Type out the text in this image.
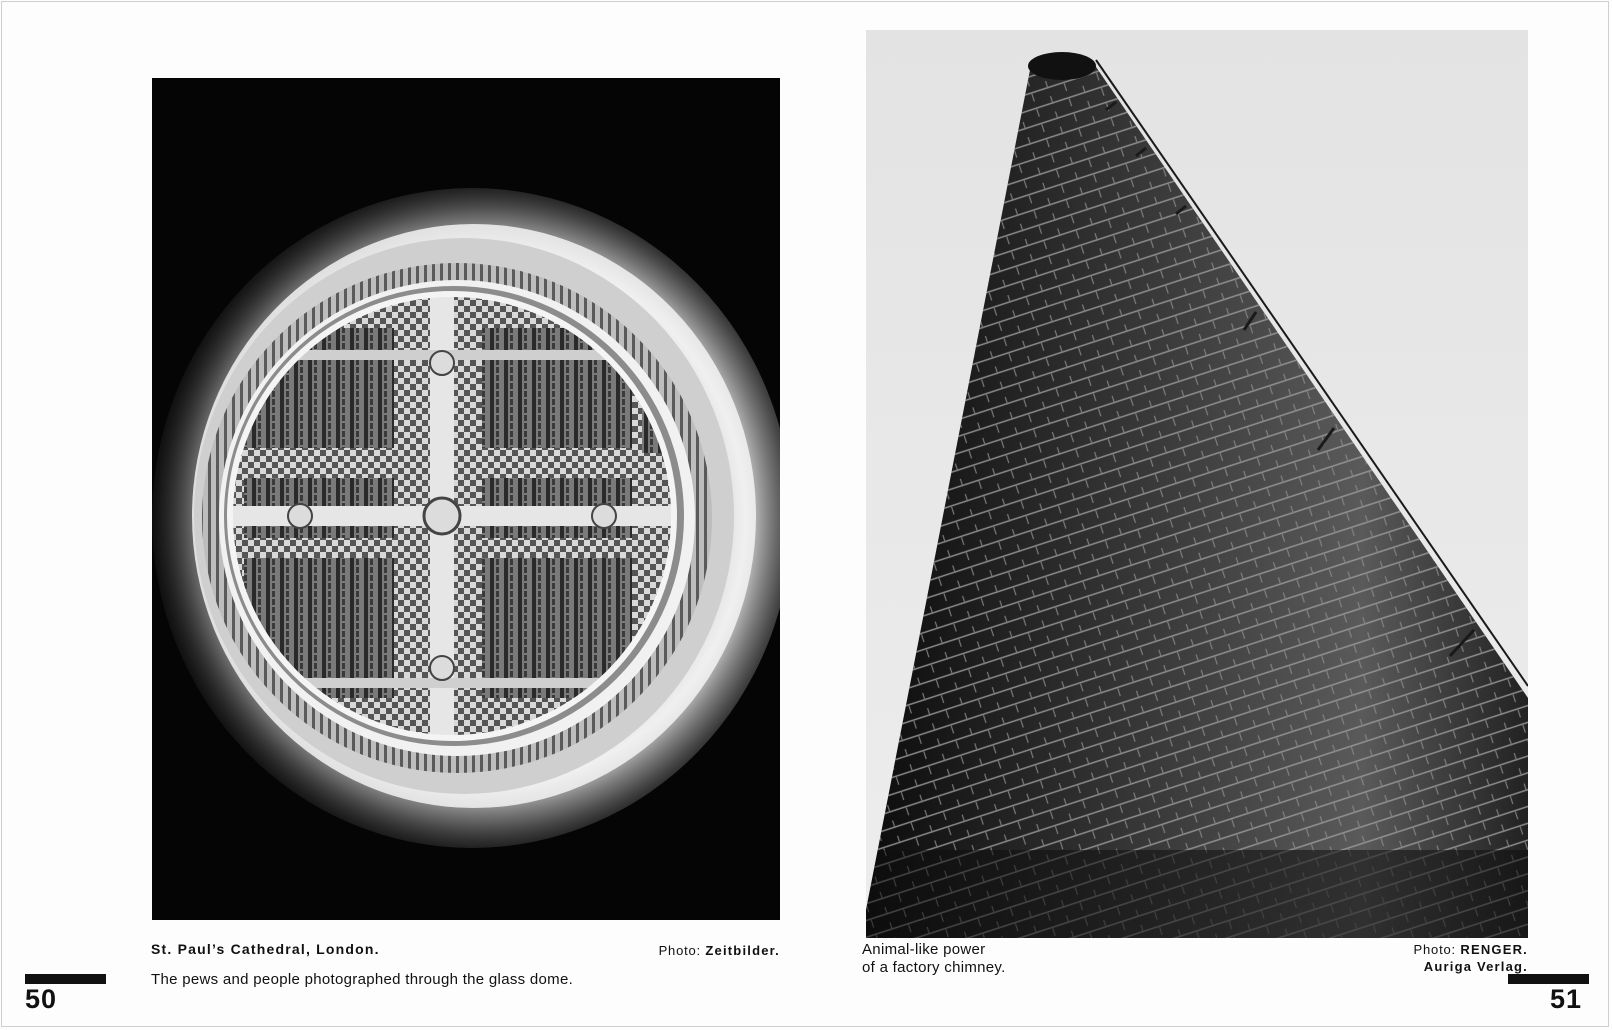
St. Paul’s Cathedral, London.	Photo: Zeitbilder.
The pews and people photographed through the glass dome.
50
Animal-like power
of a factory chimney.
Photo: RENGER.
Auriga Verlag.
51
